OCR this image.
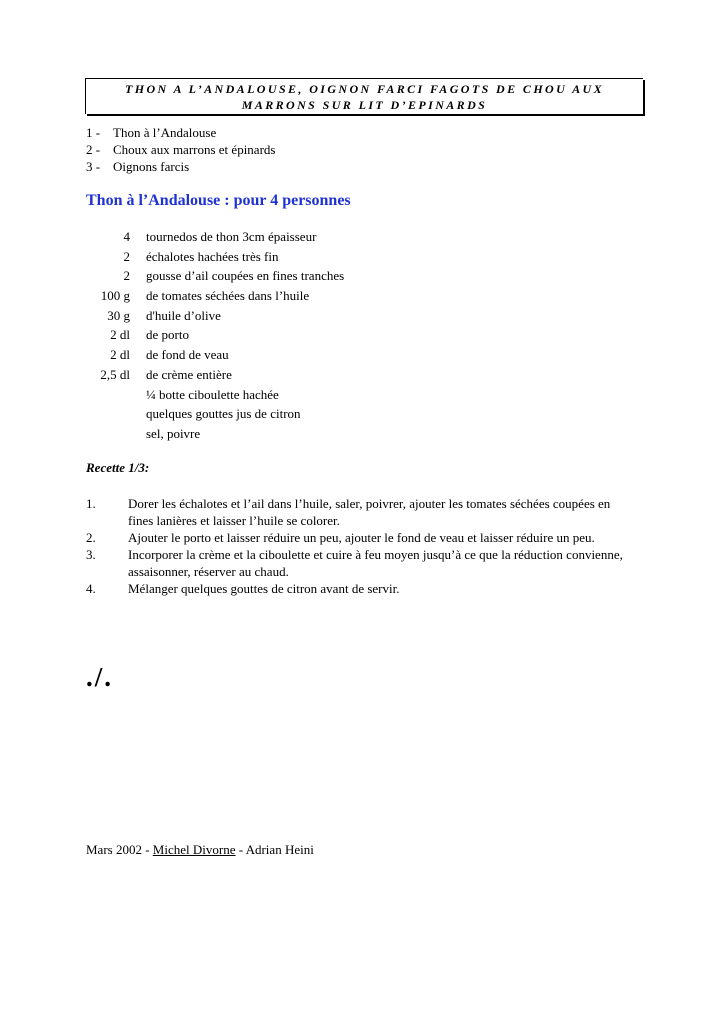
THON A L’ANDALOUSE, OIGNON FARCI FAGOTS DE CHOU AUX
MARRONS SUR LIT D’EPINARDS
1 - Thon à l’Andalouse
2 - Choux aux marrons et épinards
3 - Oignons farcis
Thon à l’Andalouse : pour 4 personnes
4 tournedos de thon 3cm épaisseur
2 échalotes hachées très fin
2 gousse d’ail coupées en fines tranches
100 g de tomates séchées dans l’huile
30 g d'huile d’olive
2 dl de porto
2 dl de fond de veau
2,5 dl de crème entière
¼ botte ciboulette hachée
quelques gouttes jus de citron
sel, poivre
Recette 1/3:
1.	Dorer les échalotes et l’ail dans l’huile, saler, poivrer, ajouter les tomates séchées coupées en fines lanières et laisser l’huile se colorer.
2.	Ajouter le porto et laisser réduire un peu, ajouter le fond de veau et laisser réduire un peu.
3.	Incorporer la crème et la ciboulette et cuire à feu moyen jusqu’à ce que la réduction convienne, assaisonner, réserver au chaud.
4.	Mélanger quelques gouttes de citron avant de servir.
./.
Mars 2002 - Michel Divorne - Adrian Heini
